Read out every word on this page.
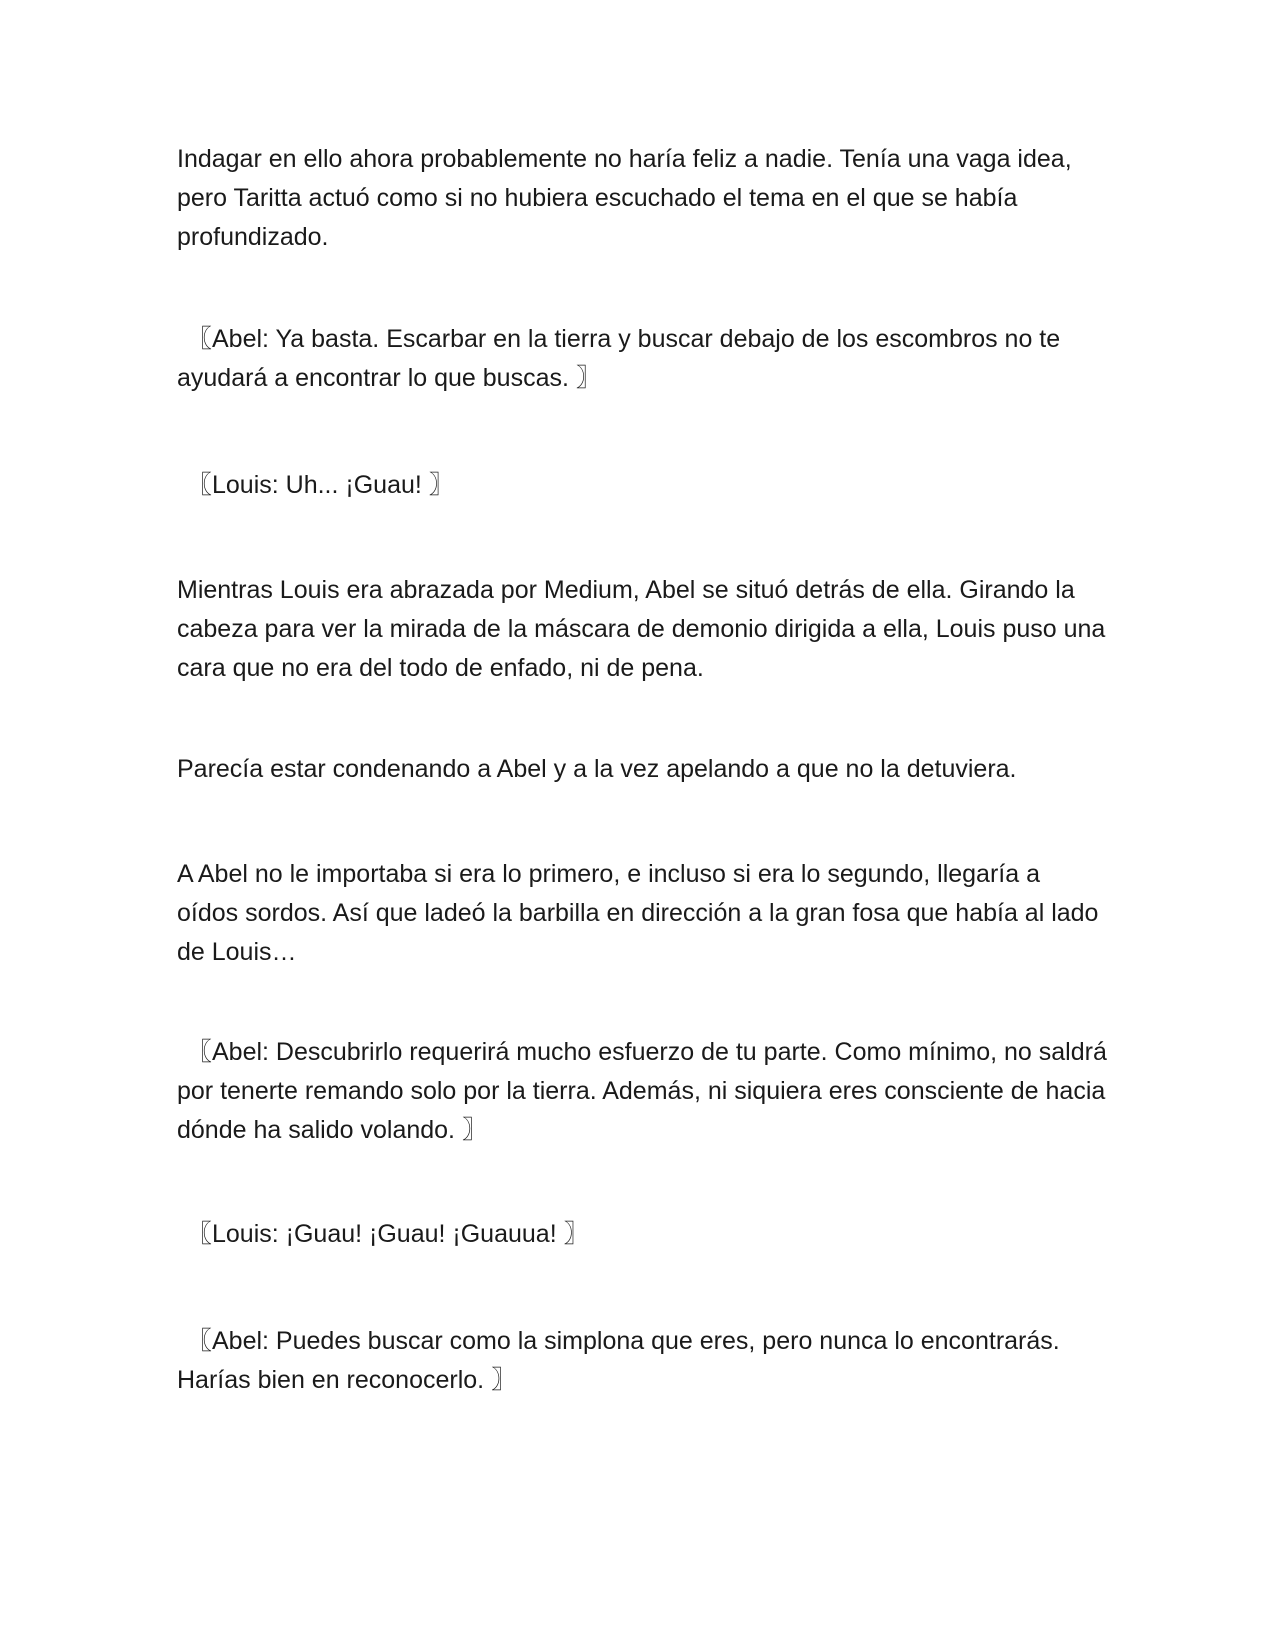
Indagar en ello ahora probablemente no haría feliz a nadie. Tenía una vaga idea, pero Taritta actuó como si no hubiera escuchado el tema en el que se había profundizado.

〖Abel: Ya basta. Escarbar en la tierra y buscar debajo de los escombros no te ayudará a encontrar lo que buscas. 〗

〖Louis: Uh... ¡Guau! 〗

Mientras Louis era abrazada por Medium, Abel se situó detrás de ella. Girando la cabeza para ver la mirada de la máscara de demonio dirigida a ella, Louis puso una cara que no era del todo de enfado, ni de pena.

Parecía estar condenando a Abel y a la vez apelando a que no la detuviera.

A Abel no le importaba si era lo primero, e incluso si era lo segundo, llegaría a oídos sordos. Así que ladeó la barbilla en dirección a la gran fosa que había al lado de Louis…

〖Abel: Descubrirlo requerirá mucho esfuerzo de tu parte. Como mínimo, no saldrá por tenerte remando solo por la tierra. Además, ni siquiera eres consciente de hacia dónde ha salido volando. 〗

〖Louis: ¡Guau! ¡Guau! ¡Guauua! 〗

〖Abel: Puedes buscar como la simplona que eres, pero nunca lo encontrarás. Harías bien en reconocerlo. 〗
